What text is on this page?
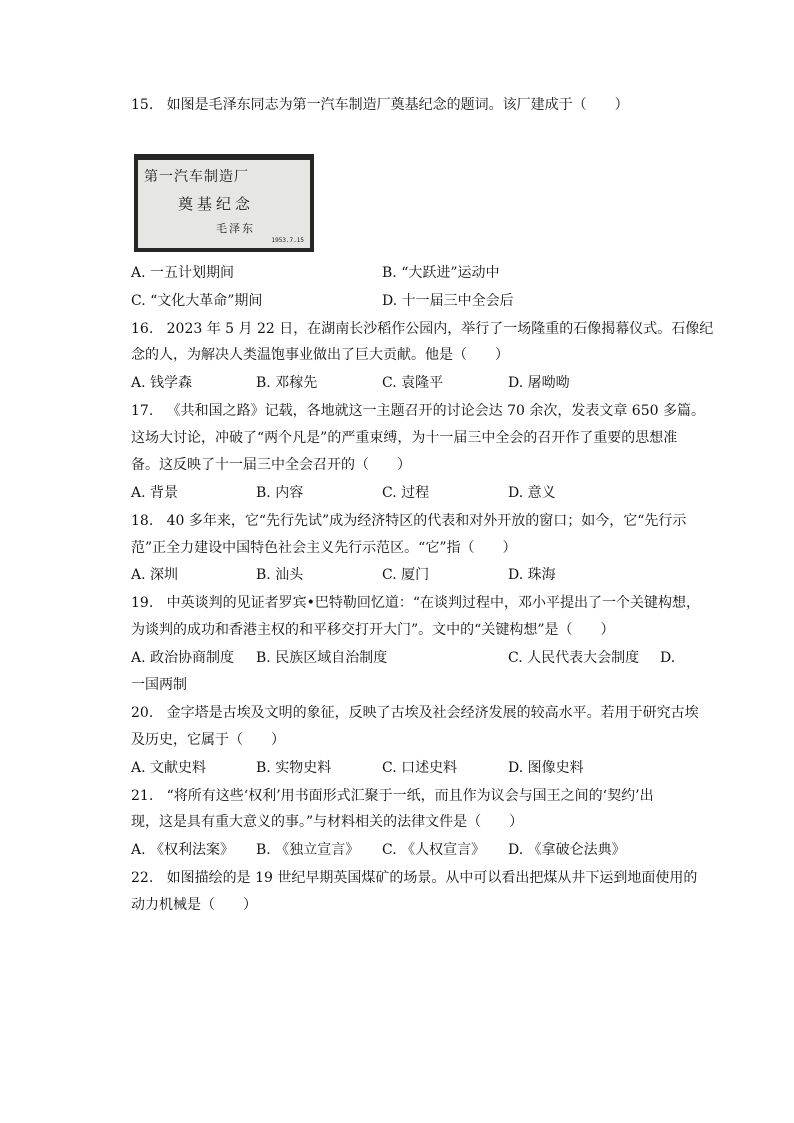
15. 如图是毛泽东同志为第一汽车制造厂奠基纪念的题词。该厂建成于（　　）
第一汽车制造厂
奠基纪念
毛泽东
1953.7.15
A. 一五计划期间	B. “大跃进”运动中
C. “文化大革命”期间	D. 十一届三中全会后
16. 2023 年 5 月 22 日，在湖南长沙稻作公园内，举行了一场隆重的石像揭幕仪式。石像纪
念的人，为解决人类温饱事业做出了巨大贡献。他是（　　）
A. 钱学森	B. 邓稼先	C. 袁隆平	D. 屠呦呦
17. 《共和国之路》记载，各地就这一主题召开的讨论会达 70 余次，发表文章 650 多篇。
这场大讨论，冲破了“两个凡是”的严重束缚，为十一届三中全会的召开作了重要的思想准
备。这反映了十一届三中全会召开的（　　）
A. 背景	B. 内容	C. 过程	D. 意义
18. 40 多年来，它“先行先试”成为经济特区的代表和对外开放的窗口；如今，它“先行示
范”正全力建设中国特色社会主义先行示范区。“它”指（　　）
A. 深圳	B. 汕头	C. 厦门	D. 珠海
19. 中英谈判的见证者罗宾•巴特勒回忆道：“在谈判过程中，邓小平提出了一个关键构想，
为谈判的成功和香港主权的和平移交打开大门”。文中的“关键构想”是（　　）
A. 政治协商制度 B. 民族区域自治制度	C. 人民代表大会制度 D.
一国两制
20. 金字塔是古埃及文明的象征，反映了古埃及社会经济发展的较高水平。若用于研究古埃
及历史，它属于（　　）
A. 文献史料	B. 实物史料	C. 口述史料	D. 图像史料
21. “将所有这些‘权利’用书面形式汇聚于一纸，而且作为议会与国王之间的‘契约’出
现，这是具有重大意义的事。”与材料相关的法律文件是（　　）
A. 《权利法案》 B. 《独立宣言》 C. 《人权宣言》 D. 《拿破仑法典》
22. 如图描绘的是 19 世纪早期英国煤矿的场景。从中可以看出把煤从井下运到地面使用的
动力机械是（　　）
